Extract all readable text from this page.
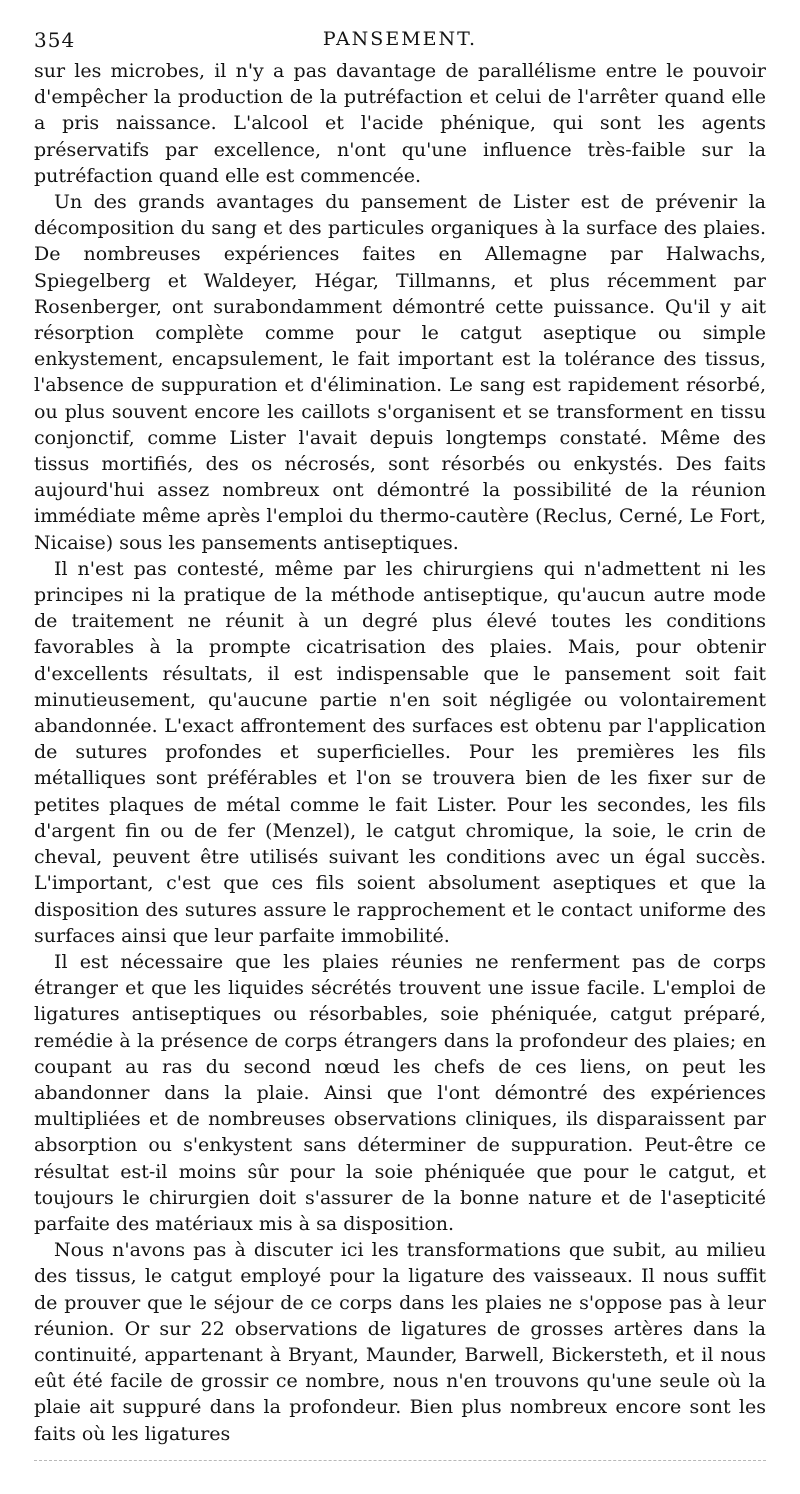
354	PANSEMENT.

sur les microbes, il n'y a pas davantage de parallélisme entre le pouvoir d'empêcher la production de la putréfaction et celui de l'arrêter quand elle a pris naissance. L'alcool et l'acide phénique, qui sont les agents préservatifs par excellence, n'ont qu'une influence très-faible sur la putréfaction quand elle est commencée.

Un des grands avantages du pansement de Lister est de prévenir la décomposition du sang et des particules organiques à la surface des plaies. De nombreuses expériences faites en Allemagne par Halwachs, Spiegelberg et Waldeyer, Hégar, Tillmanns, et plus récemment par Rosenberger, ont surabondamment démontré cette puissance. Qu'il y ait résorption complète comme pour le catgut aseptique ou simple enkystement, encapsulement, le fait important est la tolérance des tissus, l'absence de suppuration et d'élimination. Le sang est rapidement résorbé, ou plus souvent encore les caillots s'organisent et se transforment en tissu conjonctif, comme Lister l'avait depuis longtemps constaté. Même des tissus mortifiés, des os nécrosés, sont résorbés ou enkystés. Des faits aujourd'hui assez nombreux ont démontré la possibilité de la réunion immédiate même après l'emploi du thermo-cautère (Reclus, Cerné, Le Fort, Nicaise) sous les pansements antiseptiques.

Il n'est pas contesté, même par les chirurgiens qui n'admettent ni les principes ni la pratique de la méthode antiseptique, qu'aucun autre mode de traitement ne réunit à un degré plus élevé toutes les conditions favorables à la prompte cicatrisation des plaies. Mais, pour obtenir d'excellents résultats, il est indispensable que le pansement soit fait minutieusement, qu'aucune partie n'en soit négligée ou volontairement abandonnée. L'exact affrontement des surfaces est obtenu par l'application de sutures profondes et superficielles. Pour les premières les fils métalliques sont préférables et l'on se trouvera bien de les fixer sur de petites plaques de métal comme le fait Lister. Pour les secondes, les fils d'argent fin ou de fer (Menzel), le catgut chromique, la soie, le crin de cheval, peuvent être utilisés suivant les conditions avec un égal succès. L'important, c'est que ces fils soient absolument aseptiques et que la disposition des sutures assure le rapprochement et le contact uniforme des surfaces ainsi que leur parfaite immobilité.

Il est nécessaire que les plaies réunies ne renferment pas de corps étranger et que les liquides sécrétés trouvent une issue facile. L'emploi de ligatures antiseptiques ou résorbables, soie phéniquée, catgut préparé, remédie à la présence de corps étrangers dans la profondeur des plaies; en coupant au ras du second nœud les chefs de ces liens, on peut les abandonner dans la plaie. Ainsi que l'ont démontré des expériences multipliées et de nombreuses observations cliniques, ils disparaissent par absorption ou s'enkystent sans déterminer de suppuration. Peut-être ce résultat est-il moins sûr pour la soie phéniquée que pour le catgut, et toujours le chirurgien doit s'assurer de la bonne nature et de l'asepticité parfaite des matériaux mis à sa disposition.

Nous n'avons pas à discuter ici les transformations que subit, au milieu des tissus, le catgut employé pour la ligature des vaisseaux. Il nous suffit de prouver que le séjour de ce corps dans les plaies ne s'oppose pas à leur réunion. Or sur 22 observations de ligatures de grosses artères dans la continuité, appartenant à Bryant, Maunder, Barwell, Bickersteth, et il nous eût été facile de grossir ce nombre, nous n'en trouvons qu'une seule où la plaie ait suppuré dans la profondeur. Bien plus nombreux encore sont les faits où les ligatures
